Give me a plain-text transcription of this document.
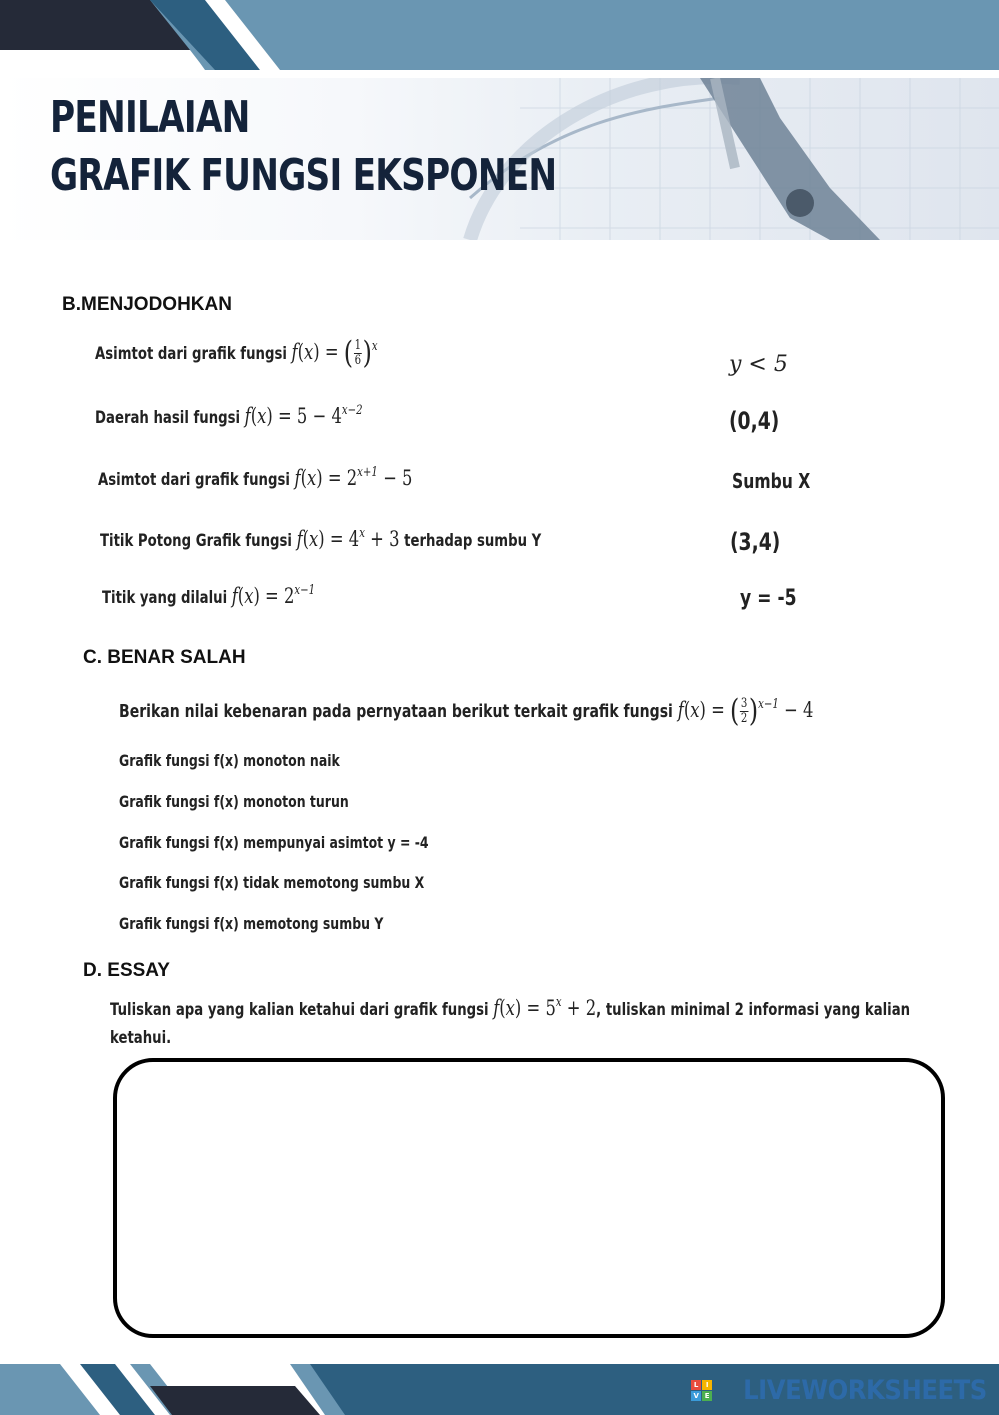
PENILAIAN
GRAFIK FUNGSI EKSPONEN
B.MENJODOHKAN
Asimtot dari grafik fungsi f(x) = ( $\frac{1}{6} )^x$
Daerah hasil fungsi $f(x) = 5 - 4^{x-2}$
Asimtot dari grafik fungsi $f(x) = 2^{x+1} - 5$
Titik Potong Grafik fungsi $f(x) = 4^x + 3$ terhadap sumbu Y
Titik yang dilalui $f(x) = 2^{x-1}$
y < 5
(0,4)
Sumbu X
(3,4)
y = -5
C. BENAR SALAH
Berikan nilai kebenaran pada pernyataan berikut terkait grafik fungsi f(x) = ( $\frac{3}{2} )^{x-1} - 4$
Grafik fungsi f(x) monoton naik
Grafik fungsi f(x) monoton turun
Grafik fungsi f(x) mempunyai asimtot y = -4
Grafik fungsi f(x) tidak memotong sumbu X
Grafik fungsi f(x) memotong sumbu Y
D. ESSAY
Tuliskan apa yang kalian ketahui dari grafik fungsi $f(x) = 5^x + 2$, tuliskan minimal 2 informasi yang kalian
ketahui.
L	I
V E LIVEWORKSHEETS
